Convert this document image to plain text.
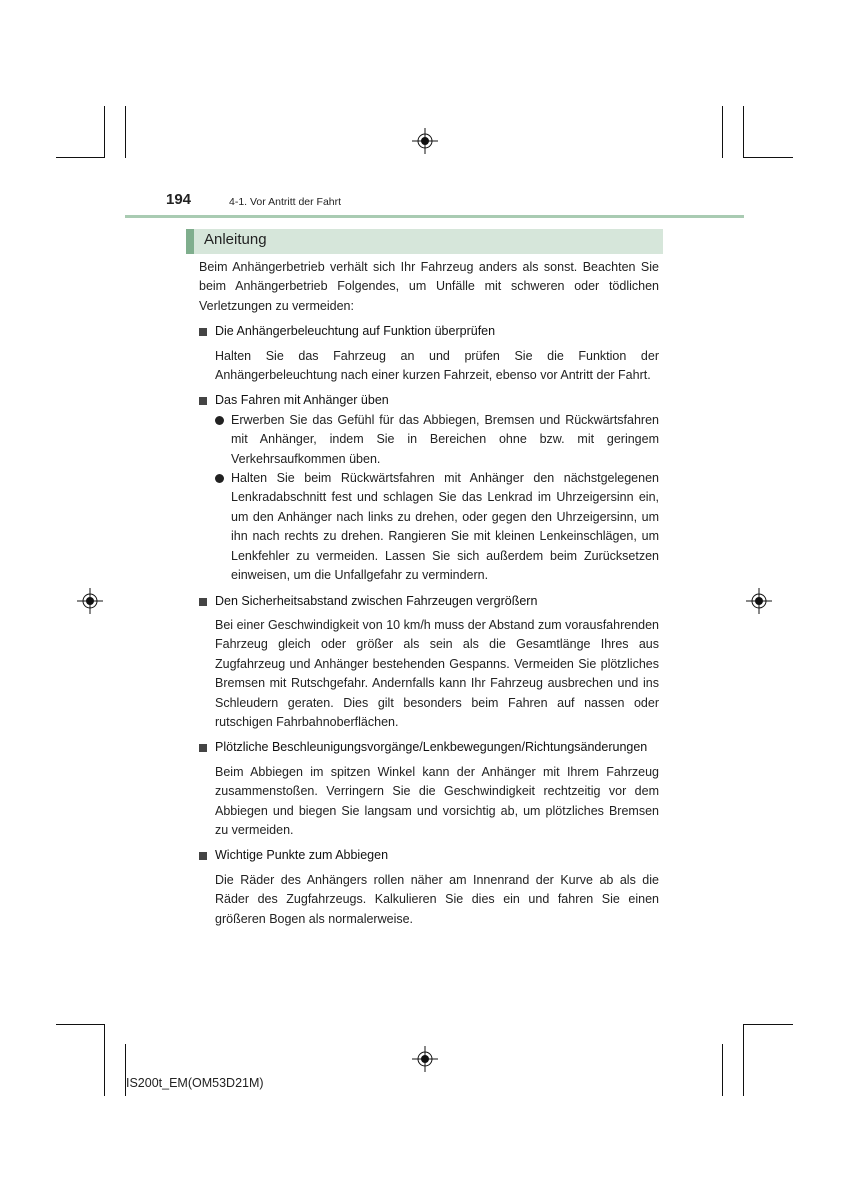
194	4-1. Vor Antritt der Fahrt
Anleitung

Beim Anhängerbetrieb verhält sich Ihr Fahrzeug anders als sonst. Beachten Sie beim Anhängerbetrieb Folgendes, um Unfälle mit schweren oder tödlichen Verletzungen zu vermeiden:

Die Anhängerbeleuchtung auf Funktion überprüfen

Halten Sie das Fahrzeug an und prüfen Sie die Funktion der Anhängerbeleuchtung nach einer kurzen Fahrzeit, ebenso vor Antritt der Fahrt.

Das Fahren mit Anhänger üben
Erwerben Sie das Gefühl für das Abbiegen, Bremsen und Rückwärtsfahren mit Anhänger, indem Sie in Bereichen ohne bzw. mit geringem Verkehrsaufkommen üben.
Halten Sie beim Rückwärtsfahren mit Anhänger den nächstgelegenen Lenkradabschnitt fest und schlagen Sie das Lenkrad im Uhrzeigersinn ein, um den Anhänger nach links zu drehen, oder gegen den Uhrzeigersinn, um ihn nach rechts zu drehen. Rangieren Sie mit kleinen Lenkeinschlägen, um Lenkfehler zu vermeiden. Lassen Sie sich außerdem beim Zurücksetzen einweisen, um die Unfallgefahr zu vermindern.
Den Sicherheitsabstand zwischen Fahrzeugen vergrößern

Bei einer Geschwindigkeit von 10 km/h muss der Abstand zum vorausfahrenden Fahrzeug gleich oder größer als sein als die Gesamtlänge Ihres aus Zugfahrzeug und Anhänger bestehenden Gespanns. Vermeiden Sie plötzliches Bremsen mit Rutschgefahr. Andernfalls kann Ihr Fahrzeug ausbrechen und ins Schleudern geraten. Dies gilt besonders beim Fahren auf nassen oder rutschigen Fahrbahnoberflächen.

Plötzliche Beschleunigungsvorgänge/Lenkbewegungen/Richtungsänderungen

Beim Abbiegen im spitzen Winkel kann der Anhänger mit Ihrem Fahrzeug zusammenstoßen. Verringern Sie die Geschwindigkeit rechtzeitig vor dem Abbiegen und biegen Sie langsam und vorsichtig ab, um plötzliches Bremsen zu vermeiden.

Wichtige Punkte zum Abbiegen

Die Räder des Anhängers rollen näher am Innenrand der Kurve ab als die Räder des Zugfahrzeugs. Kalkulieren Sie dies ein und fahren Sie einen größeren Bogen als normalerweise.

IS200t_EM(OM53D21M)
